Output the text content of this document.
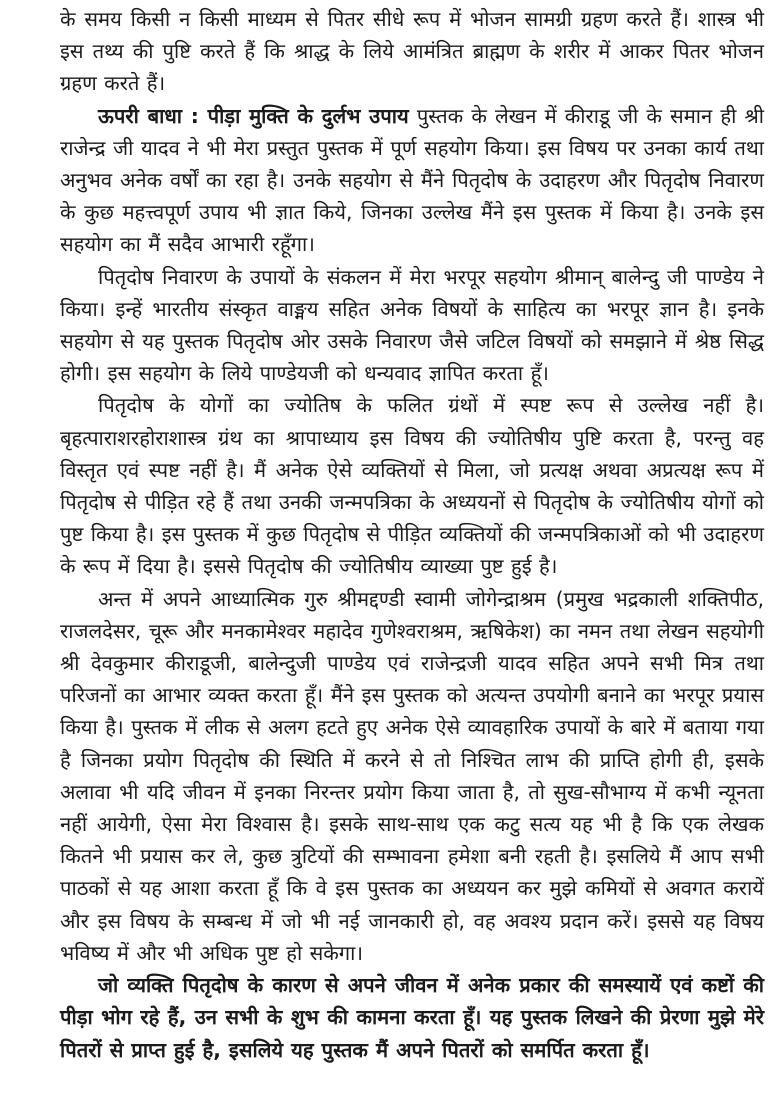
के समय किसी न किसी माध्यम से पितर सीधे रूप में भोजन सामग्री ग्रहण करते हैं। शास्त्र भी इस तथ्य की पुष्टि करते हैं कि श्राद्ध के लिये आमंत्रित ब्राह्मण के शरीर में आकर पितर भोजन ग्रहण करते हैं।

ऊपरी बाधा : पीड़ा मुक्ति के दुर्लभ उपाय पुस्तक के लेखन में कीराडू जी के समान ही श्री राजेन्द्र जी यादव ने भी मेरा प्रस्तुत पुस्तक में पूर्ण सहयोग किया। इस विषय पर उनका कार्य तथा अनुभव अनेक वर्षों का रहा है। उनके सहयोग से मैंने पितृदोष के उदाहरण और पितृदोष निवारण के कुछ महत्त्वपूर्ण उपाय भी ज्ञात किये, जिनका उल्लेख मैंने इस पुस्तक में किया है। उनके इस सहयोग का मैं सदैव आभारी रहूँगा।

पितृदोष निवारण के उपायों के संकलन में मेरा भरपूर सहयोग श्रीमान् बालेन्दु जी पाण्डेय ने किया। इन्हें भारतीय संस्कृत वाङ्मय सहित अनेक विषयों के साहित्य का भरपूर ज्ञान है। इनके सहयोग से यह पुस्तक पितृदोष ओर उसके निवारण जैसे जटिल विषयों को समझाने में श्रेष्ठ सिद्ध होगी। इस सहयोग के लिये पाण्डेयजी को धन्यवाद ज्ञापित करता हूँ।

पितृदोष के योगों का ज्योतिष के फलित ग्रंथों में स्पष्ट रूप से उल्लेख नहीं है। बृहत्पाराशरहोराशास्त्र ग्रंथ का श्रापाध्याय इस विषय की ज्योतिषीय पुष्टि करता है, परन्तु वह विस्तृत एवं स्पष्ट नहीं है। मैं अनेक ऐसे व्यक्तियों से मिला, जो प्रत्यक्ष अथवा अप्रत्यक्ष रूप में पितृदोष से पीड़ित रहे हैं तथा उनकी जन्मपत्रिका के अध्ययनों से पितृदोष के ज्योतिषीय योगों को पुष्ट किया है। इस पुस्तक में कुछ पितृदोष से पीड़ित व्यक्तियों की जन्मपत्रिकाओं को भी उदाहरण के रूप में दिया है। इससे पितृदोष की ज्योतिषीय व्याख्या पुष्ट हुई है।

अन्त में अपने आध्यात्मिक गुरु श्रीमद्दण्डी स्वामी जोगेन्द्राश्रम (प्रमुख भद्रकाली शक्तिपीठ, राजलदेसर, चूरू और मनकामेश्वर महादेव गुणेश्वराश्रम, ऋषिकेश) का नमन तथा लेखन सहयोगी श्री देवकुमार कीराडूजी, बालेन्दुजी पाण्डेय एवं राजेन्द्रजी यादव सहित अपने सभी मित्र तथा परिजनों का आभार व्यक्त करता हूँ। मैंने इस पुस्तक को अत्यन्त उपयोगी बनाने का भरपूर प्रयास किया है। पुस्तक में लीक से अलग हटते हुए अनेक ऐसे व्यावहारिक उपायों के बारे में बताया गया है जिनका प्रयोग पितृदोष की स्थिति में करने से तो निश्चित लाभ की प्राप्ति होगी ही, इसके अलावा भी यदि जीवन में इनका निरन्तर प्रयोग किया जाता है, तो सुख-सौभाग्य में कभी न्यूनता नहीं आयेगी, ऐसा मेरा विश्वास है। इसके साथ-साथ एक कटु सत्य यह भी है कि एक लेखक कितने भी प्रयास कर ले, कुछ त्रुटियों की सम्भावना हमेशा बनी रहती है। इसलिये मैं आप सभी पाठकों से यह आशा करता हूँ कि वे इस पुस्तक का अध्ययन कर मुझे कमियों से अवगत करायें और इस विषय के सम्बन्ध में जो भी नई जानकारी हो, वह अवश्य प्रदान करें। इससे यह विषय भविष्य में और भी अधिक पुष्ट हो सकेगा।

जो व्यक्ति पितृदोष के कारण से अपने जीवन में अनेक प्रकार की समस्यायें एवं कष्टों की पीड़ा भोग रहे हैं, उन सभी के शुभ की कामना करता हूँ। यह पुस्तक लिखने की प्रेरणा मुझे मेरे पितरों से प्राप्त हुई है, इसलिये यह पुस्तक मैं अपने पितरों को समर्पित करता हूँ।
